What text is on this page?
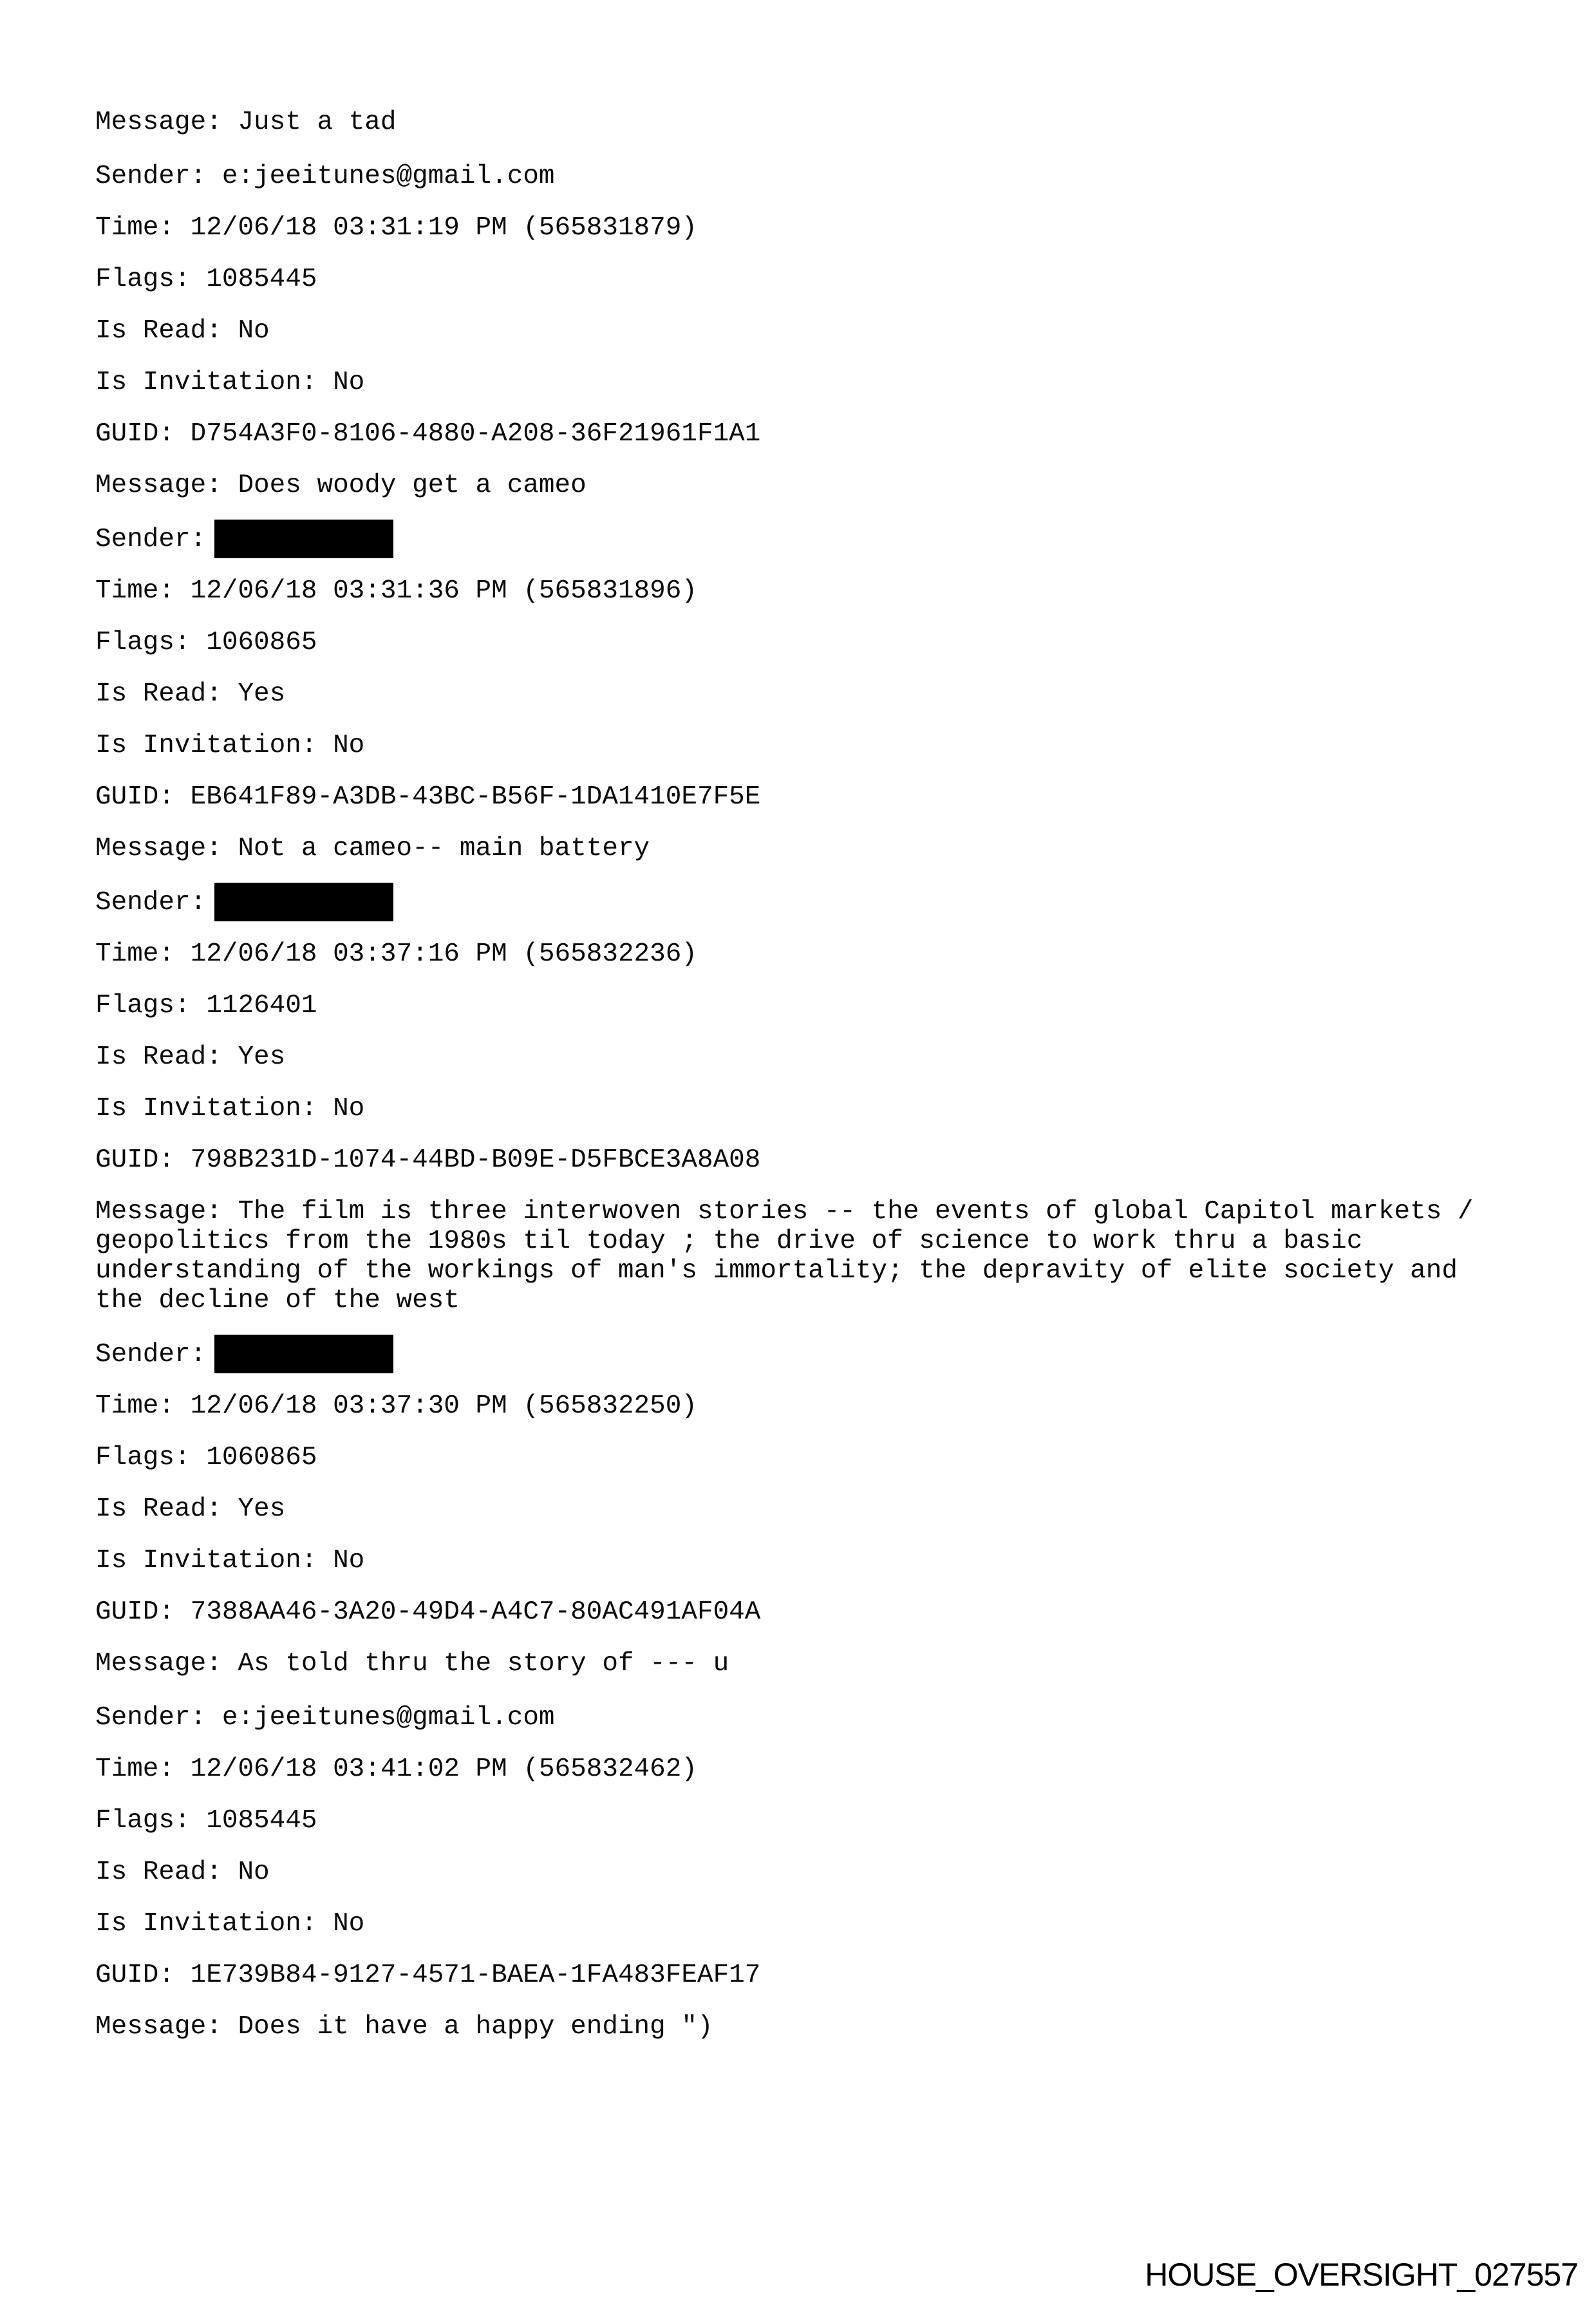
Message: Just a tad
Sender: e:jeeitunes@gmail.com
Time: 12/06/18 03:31:19 PM (565831879)
Flags: 1085445
Is Read: No
Is Invitation: No
GUID: D754A3F0-8106-4880-A208-36F21961F1A1
Message: Does woody get a cameo
Sender:
Time: 12/06/18 03:31:36 PM (565831896)
Flags: 1060865
Is Read: Yes
Is Invitation: No
GUID: EB641F89-A3DB-43BC-B56F-1DA1410E7F5E
Message: Not a cameo-- main battery
Sender:
Time: 12/06/18 03:37:16 PM (565832236)
Flags: 1126401
Is Read: Yes
Is Invitation: No
GUID: 798B231D-1074-44BD-B09E-D5FBCE3A8A08
Message: The film is three interwoven stories -- the events of global Capitol markets / geopolitics from the 1980s til today ; the drive of science to work thru a basic understanding of the workings of man's immortality; the depravity of elite society and the decline of the west
Sender:
Time: 12/06/18 03:37:30 PM (565832250)
Flags: 1060865
Is Read: Yes
Is Invitation: No
GUID: 7388AA46-3A20-49D4-A4C7-80AC491AF04A
Message: As told thru the story of --- u
Sender: e:jeeitunes@gmail.com
Time: 12/06/18 03:41:02 PM (565832462)
Flags: 1085445
Is Read: No
Is Invitation: No
GUID: 1E739B84-9127-4571-BAEA-1FA483FEAF17
Message: Does it have a happy ending ")
HOUSE_OVERSIGHT_027557
